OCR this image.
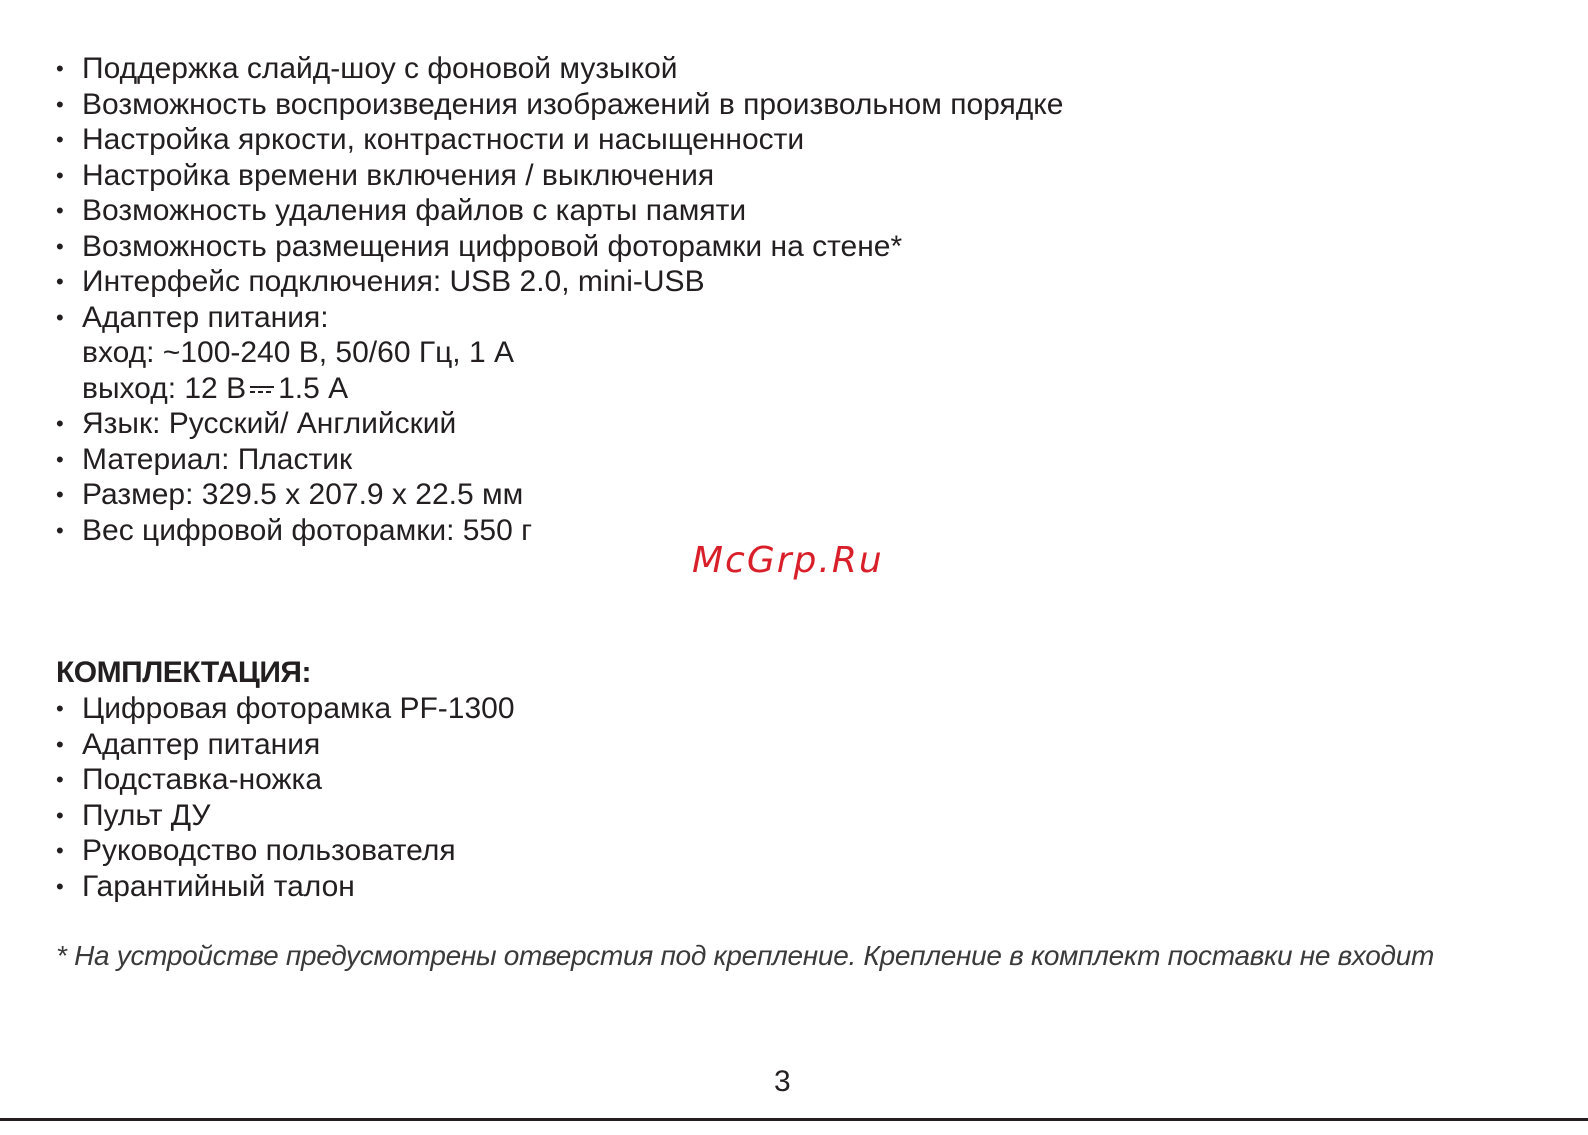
• Поддержка слайд-шоу с фоновой музыкой
• Возможность воспроизведения изображений в произвольном порядке
• Настройка яркости, контрастности и насыщенности
• Настройка времени включения / выключения
• Возможность удаления файлов с карты памяти
• Возможность размещения цифровой фоторамки на стене*
• Интерфейс подключения: USB 2.0, mini-USB
• Адаптер питания:
вход: ~100-240 В, 50/60 Гц, 1 А
выход: 12 В 1.5 А
• Язык: Русский/ Английский
• Материал: Пластик
• Размер: 329.5 x 207.9 x 22.5 мм
• Вес цифровой фоторамки: 550 г
McGrp.Ru
КОМПЛЕКТАЦИЯ:
• Цифровая фоторамка PF-1300
• Адаптер питания
• Подставка-ножка
• Пульт ДУ
• Руководство пользователя
• Гарантийный талон
* На устройстве предусмотрены отверстия под крепление. Крепление в комплект поставки не входит
3
